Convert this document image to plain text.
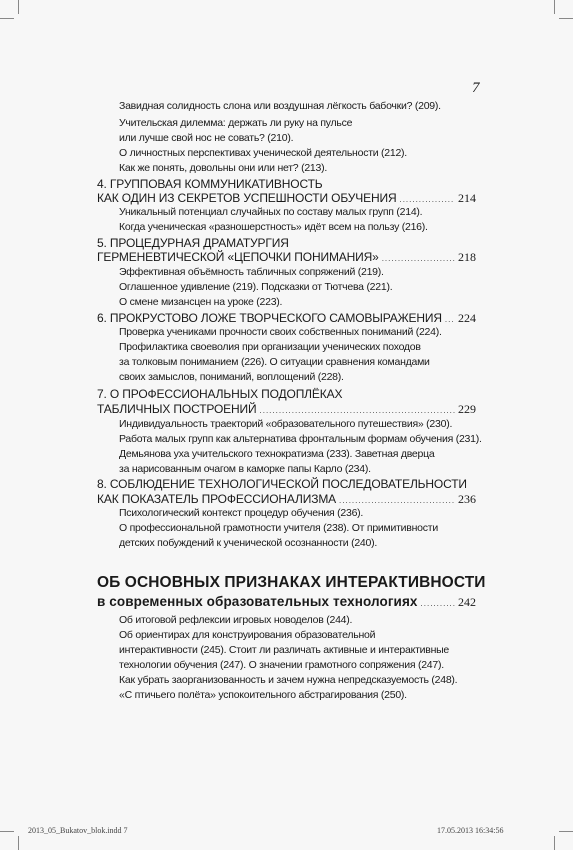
7
Завидная солидность слона или воздушная лёгкость бабочки? (209).
Учительская дилемма: держать ли руку на пульсе
или лучше свой нос не совать? (210).
О личностных перспективах ученической деятельности (212).
Как же понять, довольны они или нет? (213).
4. ГРУППОВАЯ КОММУНИКАТИВНОСТЬ
КАК ОДИН ИЗ СЕКРЕТОВ УСПЕШНОСТИ ОБУЧЕНИЯ .....	214
Уникальный потенциал случайных по составу малых групп (214).
Когда ученическая «разношерстность» идёт всем на пользу (216).
5. ПРОЦЕДУРНАЯ ДРАМАТУРГИЯ
ГЕРМЕНЕВТИЧЕСКОЙ «ЦЕПОЧКИ ПОНИМАНИЯ» .....	218
Эффективная объёмность табличных сопряжений (219).
Оглашенное удивление (219). Подсказки от Тютчева (221).
О смене мизансцен на уроке (223).
6. ПРОКРУСТОВО ЛОЖЕ ТВОРЧЕСКОГО САМОВЫРАЖЕНИЯ ..... 224
Проверка учениками прочности своих собственных пониманий (224).
Профилактика своеволия при организации ученических походов
за толковым пониманием (226). О ситуации сравнения командами
своих замыслов, пониманий, воплощений (228).
7. О ПРОФЕССИОНАЛЬНЫХ ПОДОПЛЁКАХ
ТАБЛИЧНЫХ ПОСТРОЕНИЙ .....	229
Индивидуальность траекторий «образовательного путешествия» (230).
Работа малых групп как альтернатива фронтальным формам обучения (231).
Демьянова уха учительского технократизма (233). Заветная дверца
за нарисованным очагом в каморке папы Карло (234).
8. СОБЛЮДЕНИЕ ТЕХНОЛОГИЧЕСКОЙ ПОСЛЕДОВАТЕЛЬНОСТИ
КАК ПОКАЗАТЕЛЬ ПРОФЕССИОНАЛИЗМА .....	236
Психологический контекст процедур обучения (236).
О профессиональной грамотности учителя (238). От примитивности
детских побуждений к ученической осознанности (240).
ОБ ОСНОВНЫХ ПРИЗНАКАХ ИНТЕРАКТИВНОСТИ
в современных образовательных технологиях .....	242
Об итоговой рефлексии игровых новоделов (244).
Об ориентирах для конструирования образовательной
интерактивности (245). Стоит ли различать активные и интерактивные
технологии обучения (247). О значении грамотного сопряжения (247).
Как убрать заорганизованность и зачем нужна непредсказуемость (248).
«С птичьего полёта» успокоительного абстрагирования (250).
2013_05_Bukatov_blok.indd 7	17.05.2013 16:34:56
